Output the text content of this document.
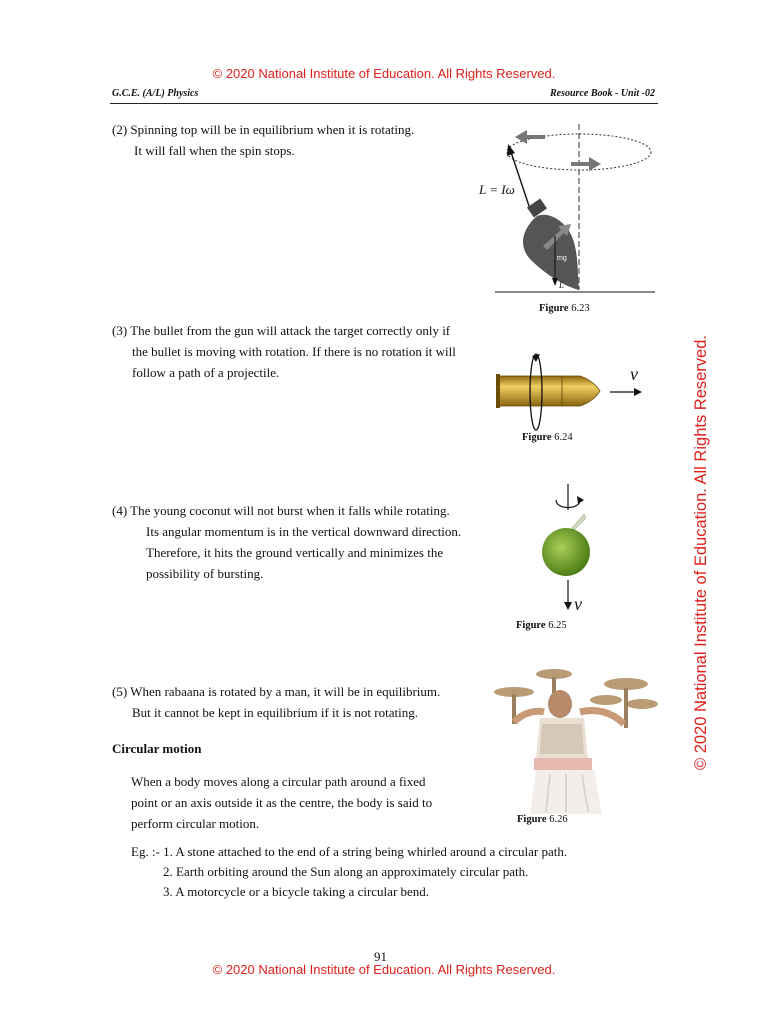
© 2020 National Institute of Education. All Rights Reserved.
© 2020 National Institute of Education. All Rights Reserved.
G.C.E. (A/L) Physics	Resource Book - Unit -02
(2) Spinning top will be in equilibrium when it is rotating.
It will fall when the spin stops.
mg
L
L = Iω
Figure 6.23
(3) The bullet from the gun will attack the target correctly only if
the bullet is moving with rotation. If there is no rotation it will
follow a path of a projectile.	v
Figure 6.24
(4) The young coconut will not burst when it falls while rotating.
Its angular momentum is in the vertical downward direction.
Therefore, it hits the ground vertically and minimizes the
possibility of bursting.
v
Figure 6.25
(5) When rabaana is rotated by a man, it will be in equilibrium.
But it cannot be kept in equilibrium if it is not rotating.
Figure 6.26
Circular motion
When a body moves along a circular path around a fixed
point or an axis outside it as the centre, the body is said to
perform circular motion.
Eg. :- 1. A stone attached to the end of a string being whirled around a circular path.
2. Earth orbiting around the Sun along an approximately circular path.
3. A motorcycle or a bicycle taking a circular bend.
91
© 2020 National Institute of Education. All Rights Reserved.
